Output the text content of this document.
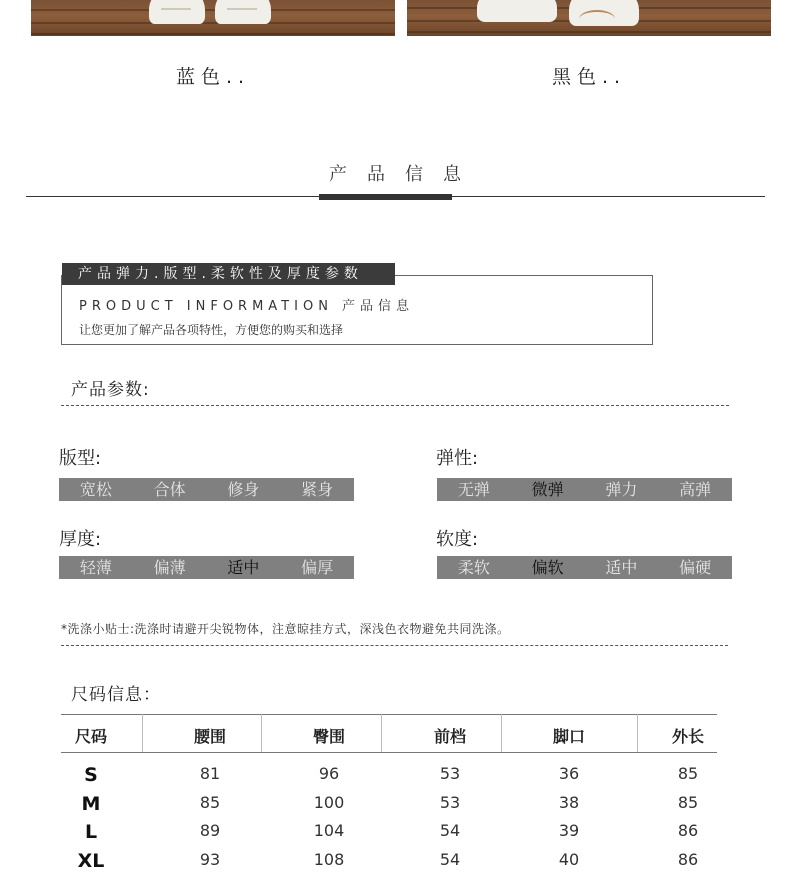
蓝色..	黑色..
产品信息
产品弹力.版型.柔软性及厚度参数
PRODUCT INFORMATION 产品信息
让您更加了解产品各项特性，方便您的购买和选择
产品参数:
版型:
宽松	合体	修身	紧身
弹性:
无弹	微弹	弹力	高弹
厚度:
轻薄	偏薄	适中	偏厚
软度:
柔软	偏软	适中	偏硬
*洗涤小贴士:洗涤时请避开尖锐物体，注意晾挂方式，深浅色衣物避免共同洗涤。
尺码信息：
尺码	腰围	臀围	前档	脚口	外长
S	81	96	53	36	85
M	85	100	53	38	85
L	89	104	54	39	86
XL	93	108	54	40	86
